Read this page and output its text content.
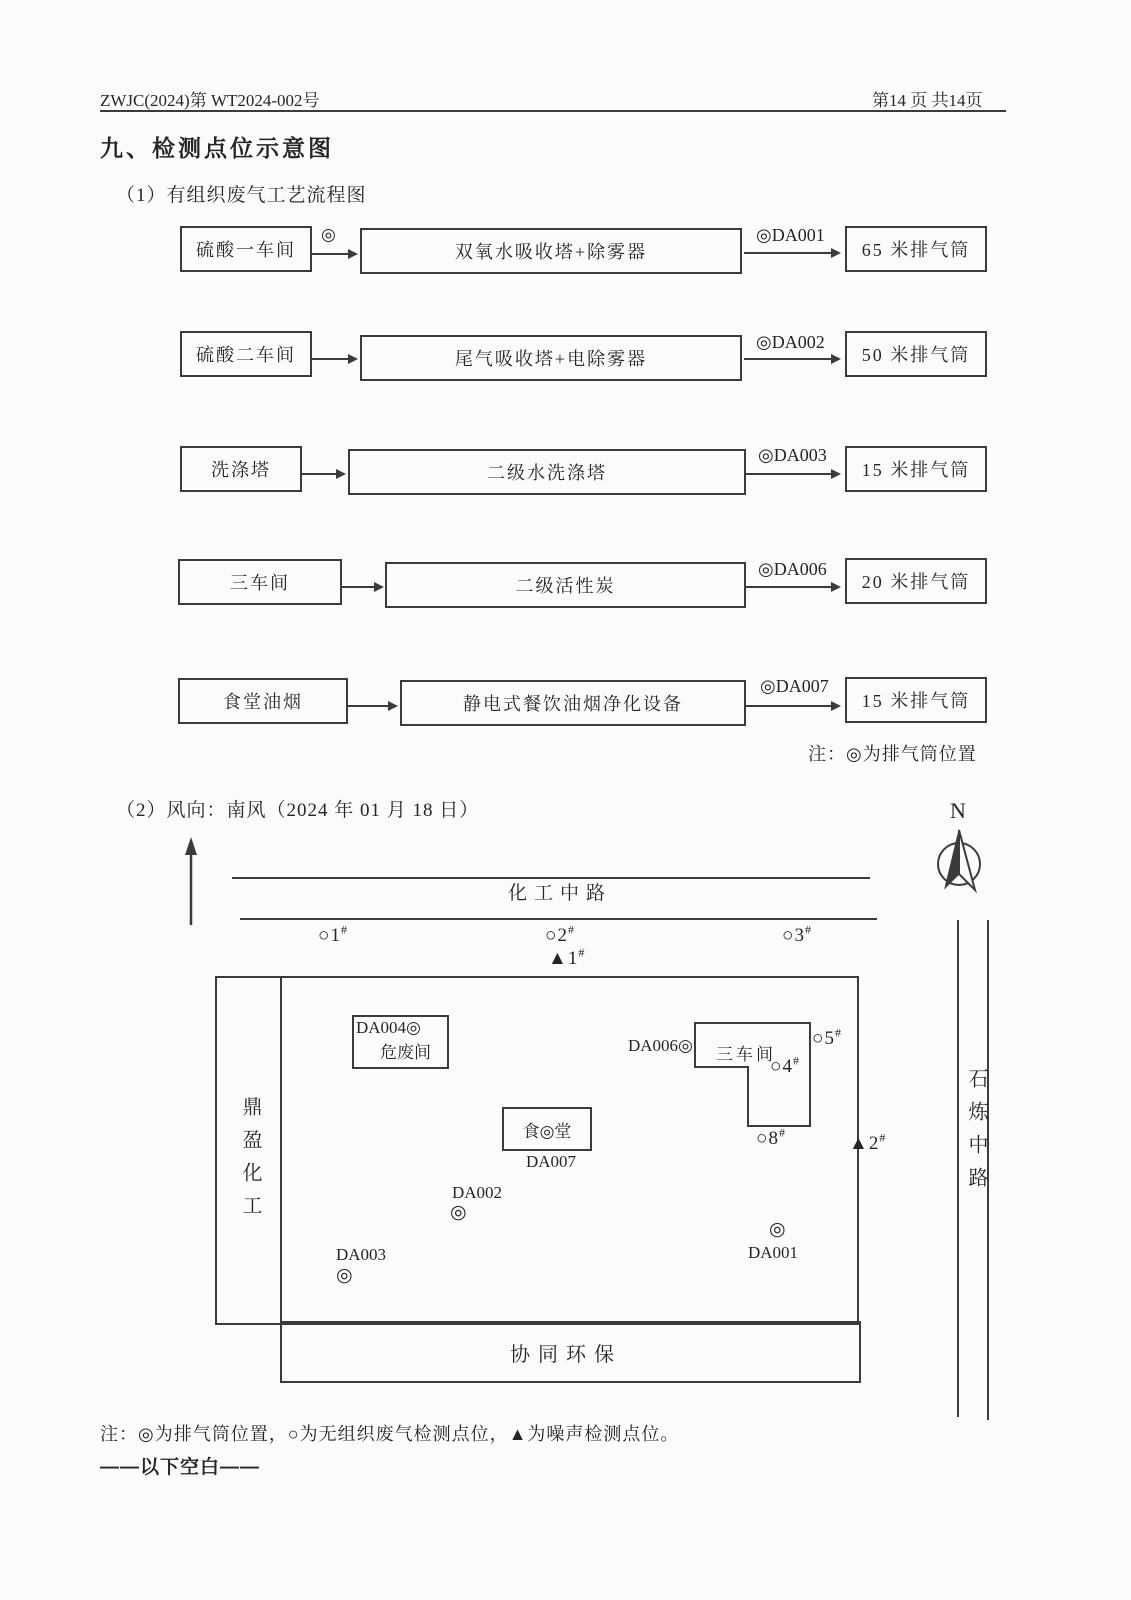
ZWJC(2024)第 WT2024-002号	第14 页 共14页
九、检测点位示意图
（1）有组织废气工艺流程图
硫酸一车间
◎
双氧水吸收塔+除雾器
◎DA001
65 米排气筒
硫酸二车间	尾气吸收塔+电除雾器
◎DA002
50 米排气筒
洗涤塔	二级水洗涤塔
◎DA003
15 米排气筒
三车间	二级活性炭
◎DA006
20 米排气筒
食堂油烟	静电式餐饮油烟净化设备
◎DA007
15 米排气筒
注：◎为排气筒位置
（2）风向：南风（2024 年 01 月 18 日）	N
化工中路
○1#	○2#	○3#
▲1#
鼎盈化工
协同环保
石炼中路
DA004◎
危废间	DA006◎ 三车间
○5#
○4#
○8#
▲2#
食◎堂
DA007
DA002
◎
DA003
◎
◎
DA001
注：◎为排气筒位置，○为无组织废气检测点位，▲为噪声检测点位。
——以下空白——
